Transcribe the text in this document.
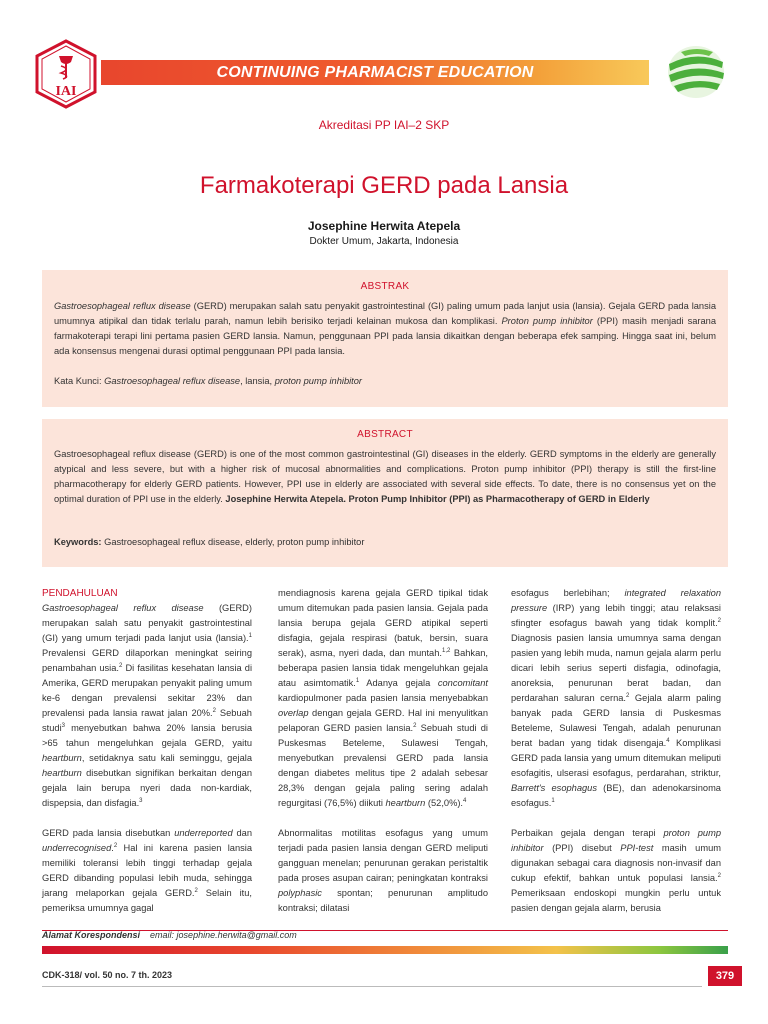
CONTINUING PHARMACIST EDUCATION
IAI
Akreditasi PP IAI–2 SKP
Farmakoterapi GERD pada Lansia
Josephine Herwita Atepela
Dokter Umum, Jakarta, Indonesia
ABSTRAK
Gastroesophageal reflux disease (GERD) merupakan salah satu penyakit gastrointestinal (GI) paling umum pada lanjut usia (lansia). Gejala GERD pada lansia umumnya atipikal dan tidak terlalu parah, namun lebih berisiko terjadi kelainan mukosa dan komplikasi. Proton pump inhibitor (PPI) masih menjadi sarana farmakoterapi terapi lini pertama pasien GERD lansia. Namun, penggunaan PPI pada lansia dikaitkan dengan beberapa efek samping. Hingga saat ini, belum ada konsensus mengenai durasi optimal penggunaan PPI pada lansia.
Kata Kunci: Gastroesophageal reflux disease, lansia, proton pump inhibitor
ABSTRACT
Gastroesophageal reflux disease (GERD) is one of the most common gastrointestinal (GI) diseases in the elderly. GERD symptoms in the elderly are generally atypical and less severe, but with a higher risk of mucosal abnormalities and complications. Proton pump inhibitor (PPI) therapy is still the first-line pharmacotherapy for elderly GERD patients. However, PPI use in elderly are associated with several side effects. To date, there is no consensus yet on the optimal duration of PPI use in the elderly. Josephine Herwita Atepela. Proton Pump Inhibitor (PPI) as Pharmacotherapy of GERD in Elderly
Keywords: Gastroesophageal reflux disease, elderly, proton pump inhibitor
PENDAHULUAN

Gastroesophageal reflux disease (GERD) merupakan salah satu penyakit gastrointestinal (GI) yang umum terjadi pada lanjut usia (lansia).$^1$ Prevalensi GERD dilaporkan meningkat seiring penambahan usia.$^2$ Di fasilitas kesehatan lansia di Amerika, GERD merupakan penyakit paling umum ke-6 dengan prevalensi sekitar 23% dan prevalensi pada lansia rawat jalan 20%.$^2$ Sebuah studi$^3$ menyebutkan bahwa 20% lansia berusia >65 tahun mengeluhkan gejala GERD, yaitu heartburn, setidaknya satu kali seminggu, gejala heartburn disebutkan signifikan berkaitan dengan gejala lain berupa nyeri dada non-kardiak, dispepsia, dan disfagia.$^3$

GERD pada lansia disebutkan underreported dan underrecognised.$^2$ Hal ini karena pasien lansia memiliki toleransi lebih tinggi terhadap gejala GERD dibanding populasi lebih muda, sehingga jarang melaporkan gejala GERD.$^2$ Selain itu, pemeriksa umumnya gagal

mendiagnosis karena gejala GERD tipikal tidak umum ditemukan pada pasien lansia. Gejala pada lansia berupa gejala GERD atipikal seperti disfagia, gejala respirasi (batuk, bersin, suara serak), asma, nyeri dada, dan muntah.$^{1,2}$ Bahkan, beberapa pasien lansia tidak mengeluhkan gejala atau asimtomatik.$^1$ Adanya gejala concomitant kardiopulmoner pada pasien lansia menyebabkan overlap dengan gejala GERD. Hal ini menyulitkan pelaporan GERD pasien lansia.$^2$ Sebuah studi di Puskesmas Beteleme, Sulawesi Tengah, menyebutkan prevalensi GERD pada lansia dengan diabetes melitus tipe 2 adalah sebesar 28,3% dengan gejala paling sering adalah regurgitasi (76,5%) diikuti heartburn (52,0%).$^4$

Abnormalitas motilitas esofagus yang umum terjadi pada pasien lansia dengan GERD meliputi gangguan menelan; penurunan gerakan peristaltik pada proses asupan cairan; peningkatan kontraksi polyphasic spontan; penurunan amplitudo kontraksi; dilatasi

esofagus berlebihan; integrated relaxation pressure (IRP) yang lebih tinggi; atau relaksasi sfingter esofagus bawah yang tidak komplit.$^2$ Diagnosis pasien lansia umumnya sama dengan pasien yang lebih muda, namun gejala alarm perlu dicari lebih serius seperti disfagia, odinofagia, anoreksia, penurunan berat badan, dan perdarahan saluran cerna.$^2$ Gejala alarm paling banyak pada GERD lansia di Puskesmas Beteleme, Sulawesi Tengah, adalah penurunan berat badan yang tidak disengaja.$^4$ Komplikasi GERD pada lansia yang umum ditemukan meliputi esofagitis, ulserasi esofagus, perdarahan, striktur, Barrett's esophagus (BE), dan adenokarsinoma esofagus.$^1$

Perbaikan gejala dengan terapi proton pump inhibitor (PPI) disebut PPI-test masih umum digunakan sebagai cara diagnosis non-invasif dan cukup efektif, bahkan untuk populasi lansia.$^2$ Pemeriksaan endoskopi mungkin perlu untuk pasien dengan gejala alarm, berusia

Alamat Korespondensi email: josephine.herwita@gmail.com
CDK-318/ vol. 50 no. 7 th. 2023	379
